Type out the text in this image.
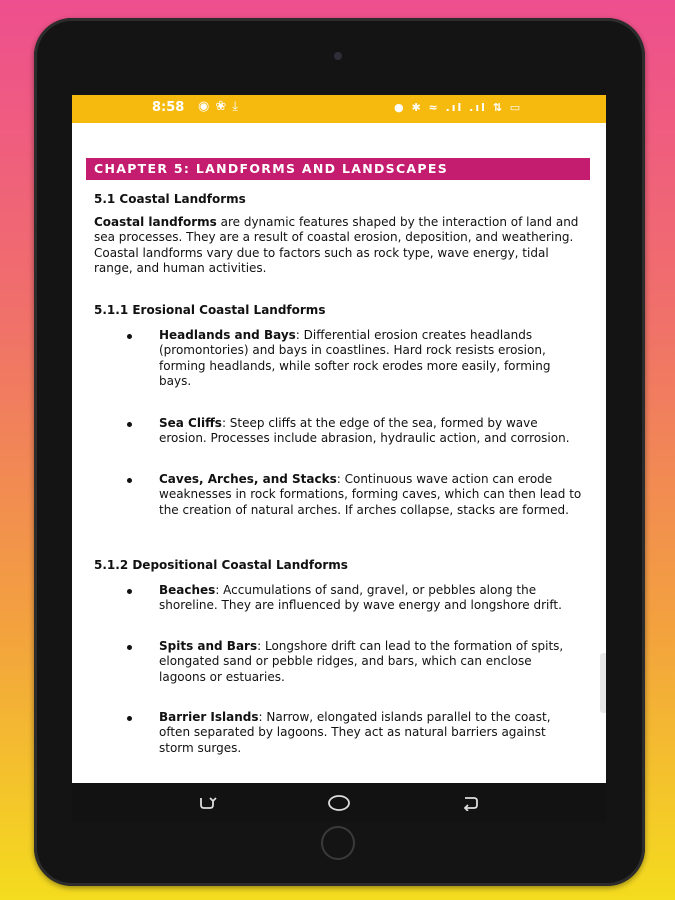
8:58 ◉❀⤓	● ✱ ≈ .ıl .ıl ⇅ ▭
CHAPTER 5: LANDFORMS AND LANDSCAPES
5.1 Coastal Landforms
Coastal landforms are dynamic features shaped by the interaction of land and sea processes. They are a result of coastal erosion, deposition, and weathering. Coastal landforms vary due to factors such as rock type, wave energy, tidal range, and human activities.
5.1.1 Erosional Coastal Landforms
Headlands and Bays: Differential erosion creates headlands (promontories) and bays in coastlines. Hard rock resists erosion, forming headlands, while softer rock erodes more easily, forming bays.
Sea Cliffs: Steep cliffs at the edge of the sea, formed by wave erosion. Processes include abrasion, hydraulic action, and corrosion.
Caves, Arches, and Stacks: Continuous wave action can erode weaknesses in rock formations, forming caves, which can then lead to the creation of natural arches. If arches collapse, stacks are formed.
5.1.2 Depositional Coastal Landforms
Beaches: Accumulations of sand, gravel, or pebbles along the shoreline. They are influenced by wave energy and longshore drift.
Spits and Bars: Longshore drift can lead to the formation of spits, elongated sand or pebble ridges, and bars, which can enclose lagoons or estuaries.
Barrier Islands: Narrow, elongated islands parallel to the coast, often separated by lagoons. They act as natural barriers against storm surges.
